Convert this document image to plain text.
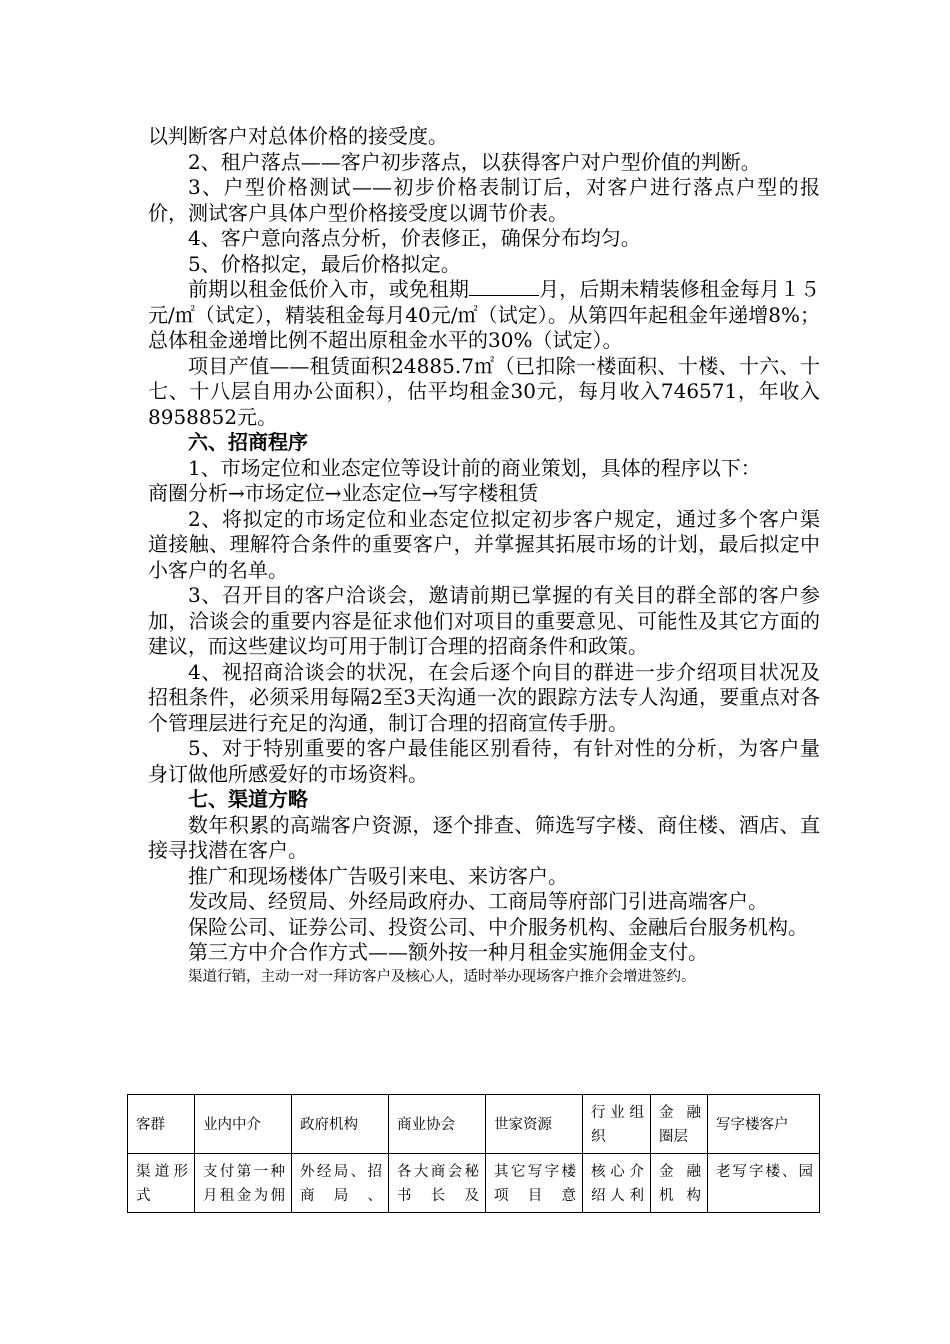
以判断客户对总体价格的接受度。

2、租户落点——客户初步落点，以获得客户对户型价值的判断。

3、户型价格测试——初步价格表制订后，对客户进行落点户型的报价，测试客户具体户型价格接受度以调节价表。

4、客户意向落点分析，价表修正，确保分布均匀。

5、价格拟定，最后价格拟定。

前期以租金低价入市，或免租期	月，后期未精装修租金每月１５元/㎡（试定），精装租金每月40元/㎡（试定）。从第四年起租金年递增8%；总体租金递增比例不超出原租金水平的30%（试定）。

项目产值——租赁面积24885.7㎡（已扣除一楼面积、十楼、十六、十七、十八层自用办公面积），估平均租金30元，每月收入746571，年收入8958852元。

六、招商程序

1、市场定位和业态定位等设计前的商业策划，具体的程序以下：

商圈分析→市场定位→业态定位→写字楼租赁

2、将拟定的市场定位和业态定位拟定初步客户规定，通过多个客户渠道接触、理解符合条件的重要客户，并掌握其拓展市场的计划，最后拟定中小客户的名单。

3、召开目的客户洽谈会，邀请前期已掌握的有关目的群全部的客户参加，洽谈会的重要内容是征求他们对项目的重要意见、可能性及其它方面的建议，而这些建议均可用于制订合理的招商条件和政策。

4、视招商洽谈会的状况，在会后逐个向目的群进一步介绍项目状况及招租条件，必须采用每隔2至3天沟通一次的跟踪方法专人沟通，要重点对各个管理层进行充足的沟通，制订合理的招商宣传手册。

5、对于特别重要的客户最佳能区别看待，有针对性的分析，为客户量身订做他所感爱好的市场资料。

七、渠道方略

数年积累的高端客户资源，逐个排查、筛选写字楼、商住楼、酒店、直接寻找潜在客户。

推广和现场楼体广告吸引来电、来访客户。

发改局、经贸局、外经局政府办、工商局等府部门引进高端客户。

保险公司、证券公司、投资公司、中介服务机构、金融后台服务机构。

第三方中介合作方式——额外按一种月租金实施佣金支付。

渠道行销，主动一对一拜访客户及核心人，适时举办现场客户推介会增进签约。

客群	业内中介	政府机构	商业协会	世家资源	行业组织	金融圈层	写字楼客户
渠道形式	支付第一种月租金为佣	外经局、招商局、	各大商会秘书长及	其它写字楼项目意	核心介绍人利	金融机构	老写字楼、园
